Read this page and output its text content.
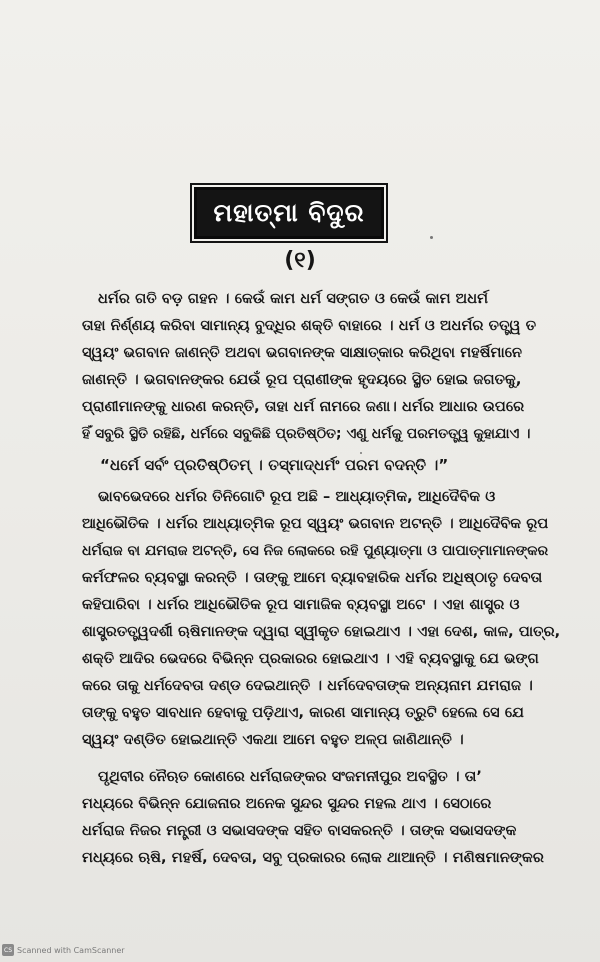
ମହାତ୍ମା ବିଦୁର
(୧)
ଧର୍ମର ଗତି ବଡ଼ ଗହନ । କେଉଁ କାମ ଧର୍ମ ସଙ୍ଗତ ଓ କେଉଁ କାମ ଅଧର୍ମ
ତାହା ନିର୍ଣ୍ଣୟ କରିବା ସାମାନ୍ୟ ବୁଦ୍ଧିର ଶକ୍ତି ବାହାରେ । ଧର୍ମ ଓ ଅଧର୍ମର ତତ୍ତ୍ୱ ତ
ସ୍ୱୟଂ ଭଗବାନ ଜାଣନ୍ତି ଅଥବା ଭଗବାନଙ୍କ ସାକ୍ଷାତ୍କାର କରିଥିବା ମହର୍ଷିମାନେ
ଜାଣନ୍ତି । ଭଗବାନଙ୍କର ଯେଉଁ ରୂପ ପ୍ରାଣୀଙ୍କ ହୃଦୟରେ ସ୍ଥିତ ହୋଇ ଜଗତକୁ,
ପ୍ରାଣୀମାନଙ୍କୁ ଧାରଣ କରନ୍ତି, ତାହା ଧର୍ମ ନାମରେ ଜଣା। ଧର୍ମର ଆଧାର ଉପରେ
ହିଁ ସବୁରି ସ୍ଥିତି ରହିଛି, ଧର୍ମରେ ସବୁକିଛି ପ୍ରତିଷ୍ଠିତ; ଏଣୁ ଧର୍ମକୁ ପରମତତ୍ତ୍ୱ କୁହାଯାଏ ।
“ଧର୍ମେ ସର୍ବଂ ପ୍ରତିଷ୍ଠିତମ୍ । ତସ୍ମାଦ୍ଧର୍ମଂ ପରମ ବଦନ୍ତି ।”
ଭାବଭେଦରେ ଧର୍ମର ତିନିଗୋଟି ରୂପ ଅଛି – ଆଧ୍ୟାତ୍ମିକ, ଆଧିଦୈବିକ ଓ
ଆଧିଭୌତିକ । ଧର୍ମର ଆଧ୍ୟାତ୍ମିକ ରୂପ ସ୍ୱୟଂ ଭଗବାନ ଅଟନ୍ତି । ଆଧିଦୈବିକ ରୂପ
ଧର୍ମରାଜ ବା ଯମରାଜ ଅଟନ୍ତି, ସେ ନିଜ ଲୋକରେ ରହି ପୁଣ୍ୟାତ୍ମା ଓ ପାପାତ୍ମାମାନଙ୍କର
କର୍ମଫଳର ବ୍ୟବସ୍ଥା କରନ୍ତି । ତାଙ୍କୁ ଆମେ ବ୍ୟାବହାରିକ ଧର୍ମର ଅଧିଷ୍ଠାତୃ ଦେବତା
କହିପାରିବା । ଧର୍ମର ଆଧିଭୌତିକ ରୂପ ସାମାଜିକ ବ୍ୟବସ୍ଥା ଅଟେ । ଏହା ଶାସ୍ତ୍ର ଓ
ଶାସ୍ତ୍ରତତ୍ତ୍ୱଦର୍ଶୀ ଋଷିମାନଙ୍କ ଦ୍ୱାରା ସ୍ୱୀକୃତ ହୋଇଥାଏ । ଏହା ଦେଶ, କାଳ, ପାତ୍ର,
ଶକ୍ତି ଆଦିର ଭେଦରେ ବିଭିନ୍ନ ପ୍ରକାରର ହୋଇଥାଏ । ଏହି ବ୍ୟବସ୍ଥାକୁ ଯେ ଭଙ୍ଗ
କରେ ତାକୁ ଧର୍ମଦେବତା ଦଣ୍ଡ ଦେଇଥାନ୍ତି । ଧର୍ମଦେବତାଙ୍କ ଅନ୍ୟନାମ ଯମରାଜ ।
ତାଙ୍କୁ ବହୁତ ସାବଧାନ ହେବାକୁ ପଡ଼ିଥାଏ, କାରଣ ସାମାନ୍ୟ ତ୍ରୁଟି ହେଲେ ସେ ଯେ
ସ୍ୱୟଂ ଦଣ୍ଡିତ ହୋଇଥାନ୍ତି ଏକଥା ଆମେ ବହୁତ ଅଳ୍ପ ଜାଣିଥାନ୍ତି ।
ପୃଥିବୀର ନୈଋତ କୋଣରେ ଧର୍ମରାଜଙ୍କର ସଂଜମନୀପୁର ଅବସ୍ଥିତ । ତା’
ମଧ୍ୟରେ ବିଭିନ୍ନ ଯୋଜନାର ଅନେକ ସୁନ୍ଦର ସୁନ୍ଦର ମହଲ ଥାଏ । ସେଠାରେ
ଧର୍ମରାଜ ନିଜର ମନ୍ତ୍ରୀ ଓ ସଭାସଦଙ୍କ ସହିତ ବାସକରନ୍ତି । ତାଙ୍କ ସଭାସଦଙ୍କ
ମଧ୍ୟରେ ଋଷି, ମହର୍ଷି, ଦେବତା, ସବୁ ପ୍ରକାରର ଲୋକ ଥାଆନ୍ତି । ମଣିଷମାନଙ୍କର
CS Scanned with CamScanner
